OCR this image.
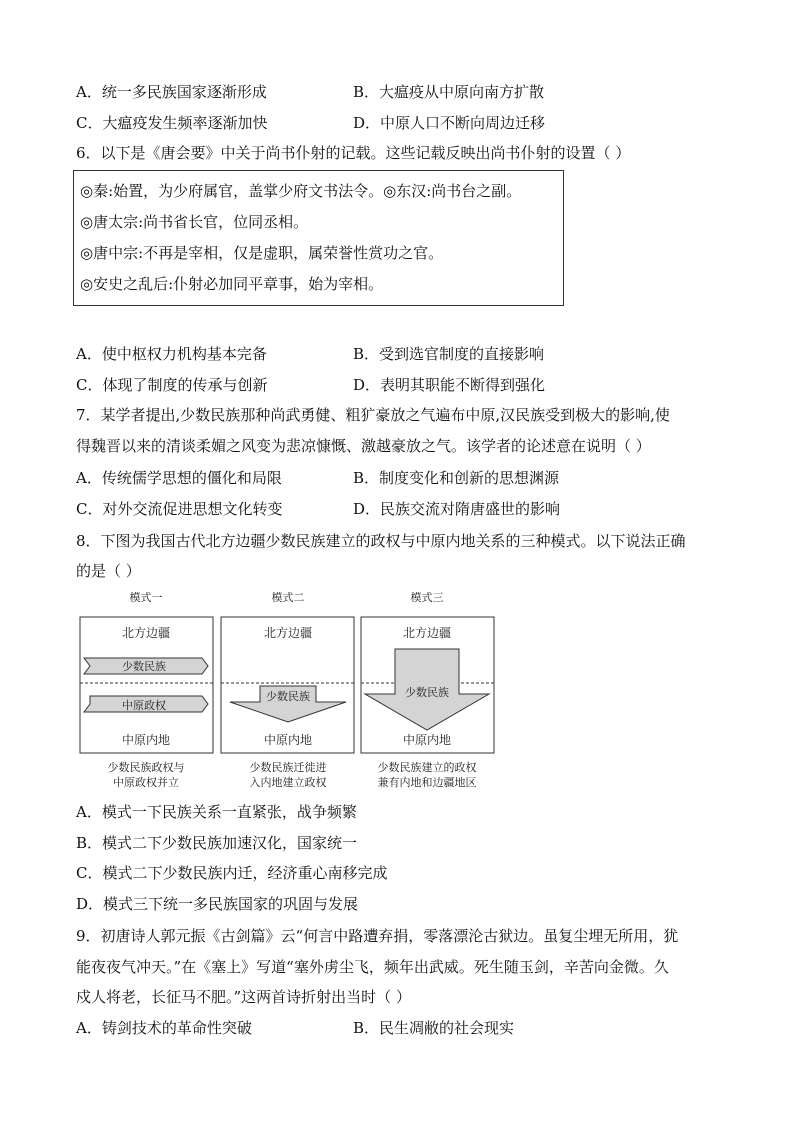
A．统一多民族国家逐渐形成	B．大瘟疫从中原向南方扩散
C．大瘟疫发生频率逐渐加快	D．中原人口不断向周边迁移
6．以下是《唐会要》中关于尚书仆射的记载。这些记载反映出尚书仆射的设置（ ）
◎秦:始置，为少府属官，盖掌少府文书法令。◎东汉:尚书台之副。
◎唐太宗:尚书省长官，位同丞相。
◎唐中宗:不再是宰相，仅是虚职，属荣誉性赏功之官。
◎安史之乱后:仆射必加同平章事，始为宰相。
A．使中枢权力机构基本完备	B．受到选官制度的直接影响
C．体现了制度的传承与创新	D．表明其职能不断得到强化
7．某学者提出,少数民族那种尚武勇健、粗犷豪放之气遍布中原,汉民族受到极大的影响,使
得魏晋以来的清谈柔媚之风变为悲凉慷慨、激越豪放之气。该学者的论述意在说明（ ）
A．传统儒学思想的僵化和局限	B．制度变化和创新的思想渊源
C．对外交流促进思想文化转变	D．民族交流对隋唐盛世的影响
8．下图为我国古代北方边疆少数民族建立的政权与中原内地关系的三种模式。以下说法正确
的是（ ）
模式一
北方边疆
少数民族
中原政权
中原内地
少数民族政权与
中原政权并立
模式二
北方边疆
少数民族
中原内地
少数民族迁徙进
入内地建立政权
模式三
北方边疆
少数民族
中原内地
少数民族建立的政权
兼有内地和边疆地区
A．模式一下民族关系一直紧张，战争频繁
B．模式二下少数民族加速汉化，国家统一
C．模式二下少数民族内迁，经济重心南移完成
D．模式三下统一多民族国家的巩固与发展
9．初唐诗人郭元振《古剑篇》云“何言中路遭弃捐，零落漂沦古狱边。虽复尘埋无所用，犹
能夜夜气冲天。”在《塞上》写道“塞外虏尘飞，频年出武威。死生随玉剑，辛苦向金微。久
戍人将老，长征马不肥。”这两首诗折射出当时（ ）
A．铸剑技术的革命性突破	B．民生凋敝的社会现实
